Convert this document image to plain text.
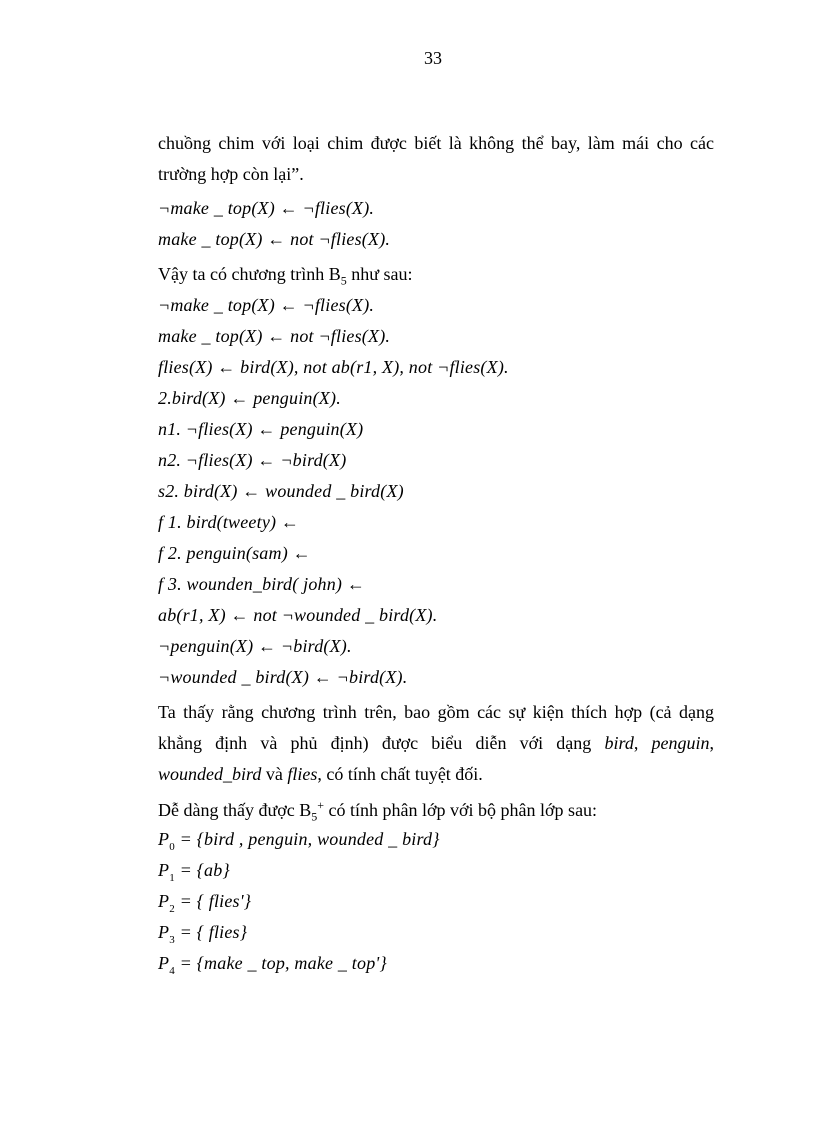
33

chuồng chim với loại chim được biết là không thể bay, làm mái cho các trường hợp còn lại”.

¬make _ top(X) ← ¬flies(X).
make _ top(X) ← not ¬flies(X).
Vậy ta có chương trình $B_5$ như sau:
¬make _ top(X) ← ¬flies(X).
make _ top(X) ← not ¬flies(X).
flies(X) ← bird(X), not ab(r1, X), not ¬flies(X).
2.bird(X) ← penguin(X).
n1. ¬flies(X) ← penguin(X)
n2. ¬flies(X) ← ¬bird(X)
s2. bird(X) ← wounded _ bird(X)
f 1. bird(tweety) ←
f 2. penguin(sam) ←
f 3. wounden_bird( john) ←
ab(r1, X) ← not ¬wounded _ bird(X).
¬penguin(X) ← ¬bird(X).
¬wounded _ bird(X) ← ¬bird(X).

Ta thấy rằng chương trình trên, bao gồm các sự kiện thích hợp (cả dạng khẳng định và phủ định) được biểu diễn với dạng bird, penguin, wounded_bird và flies, có tính chất tuyệt đối.

Dễ dàng thấy được $B_5^+$ có tính phân lớp với bộ phân lớp sau:
$P_0$ = {bird , penguin, wounded _ bird}
$P_1 = \{ab\}$
$P_2$ = { flies'}
$P_3$ = { flies}
$P_4$ = {make _ top, make _ top'}
